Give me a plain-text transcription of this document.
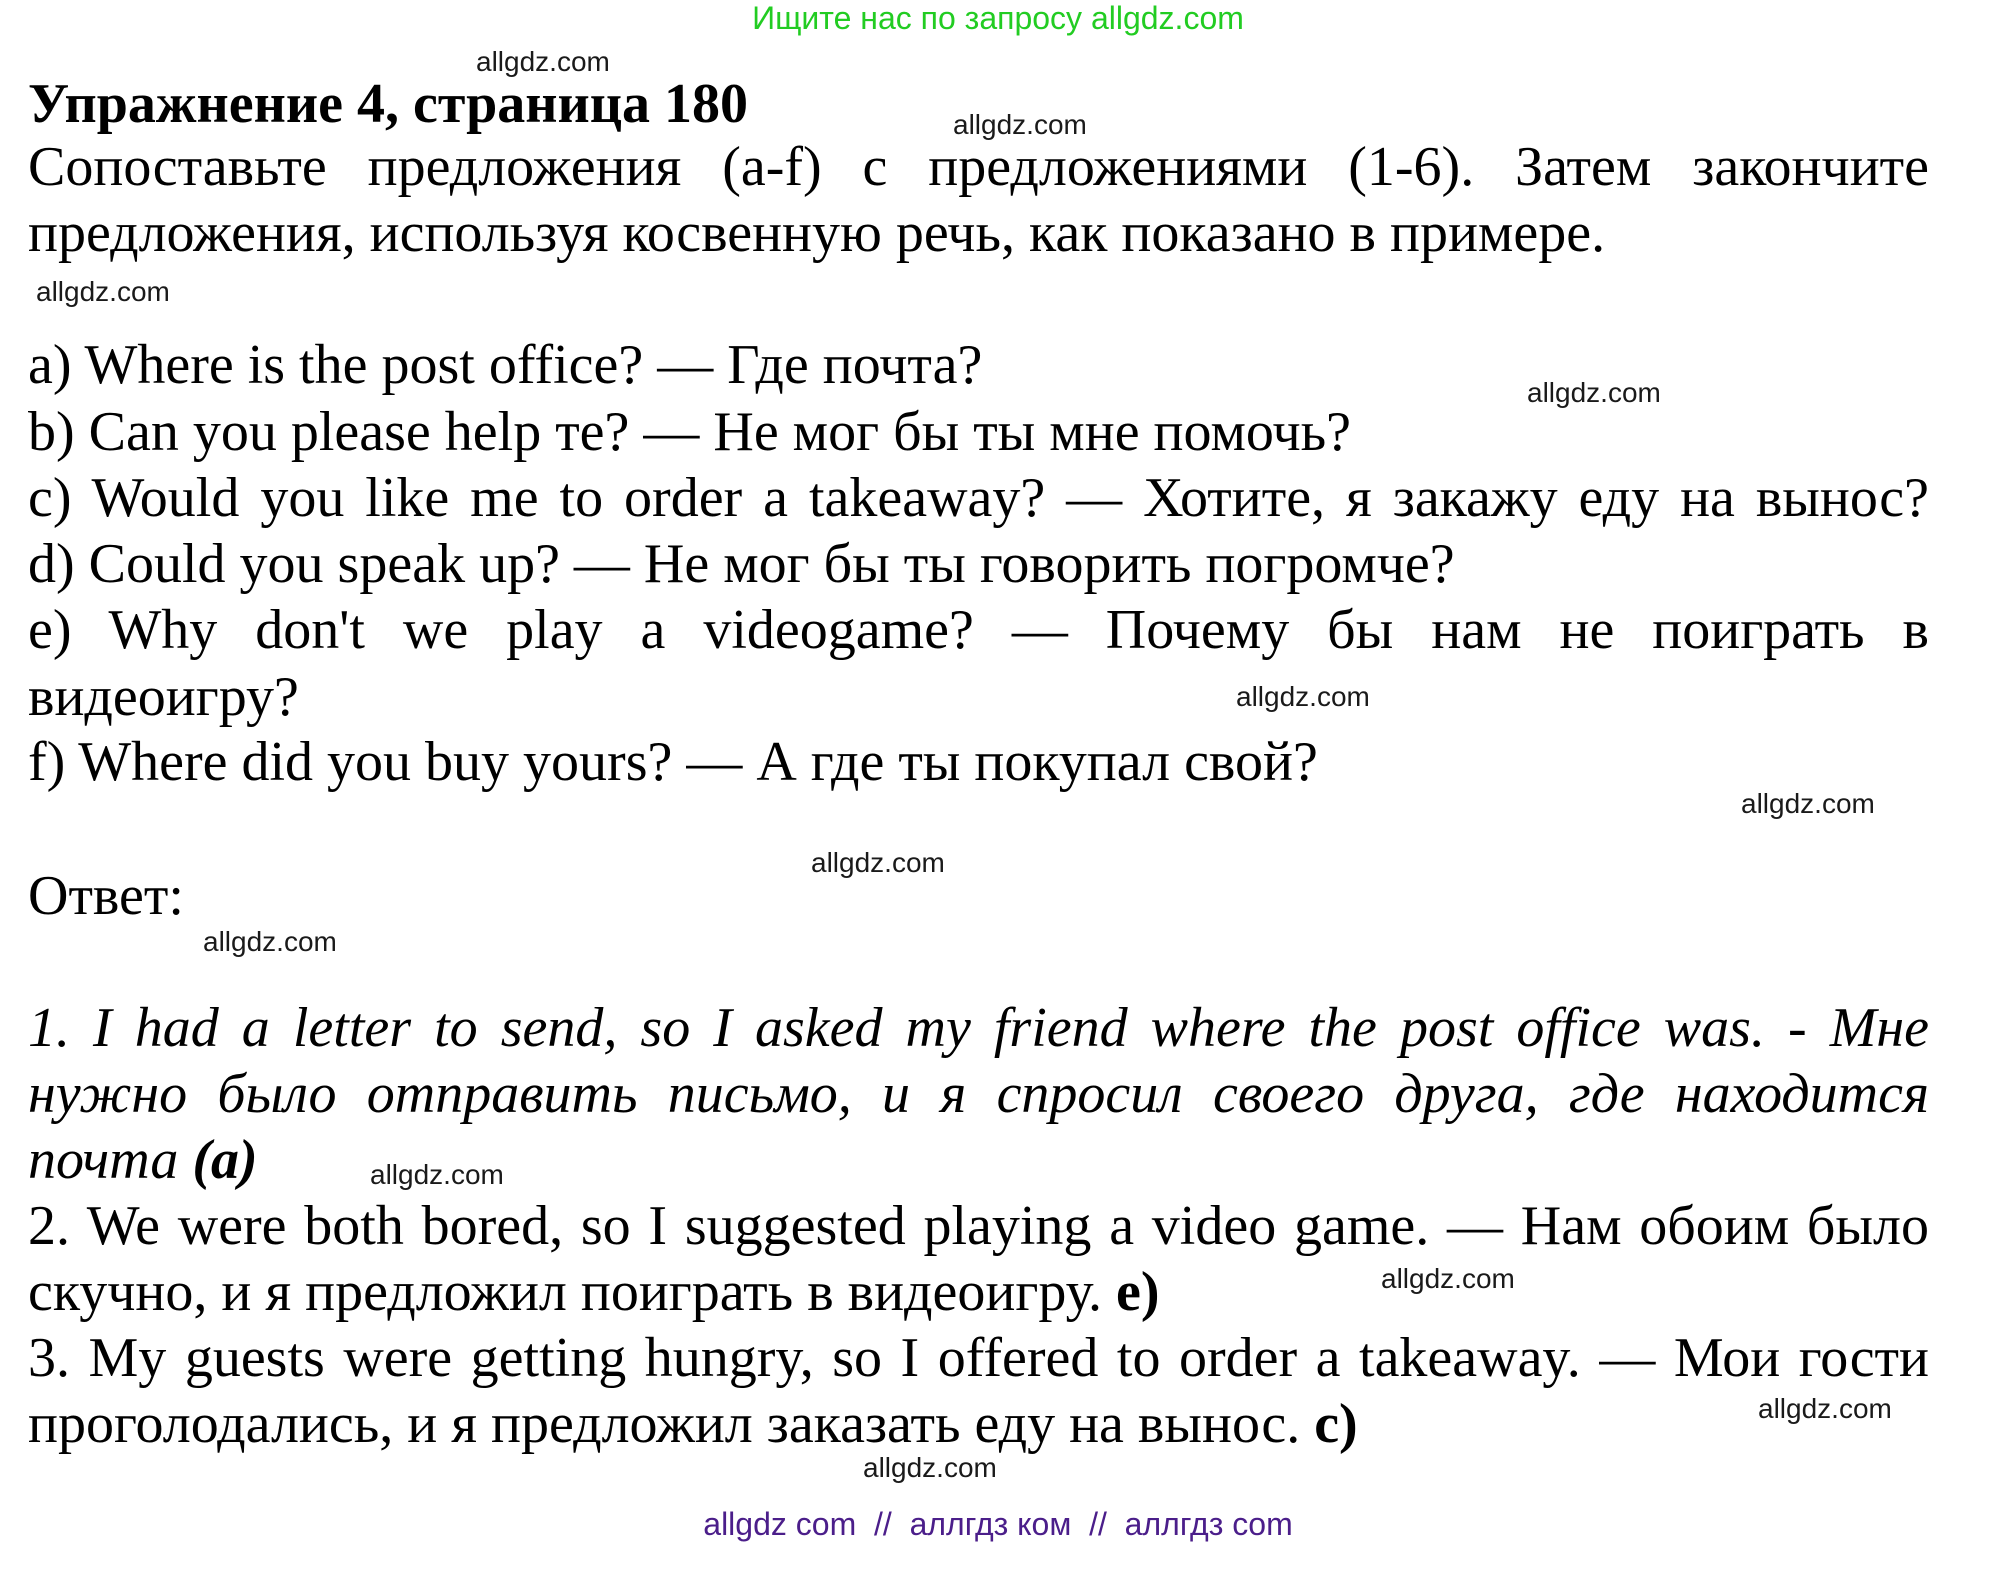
Ищите нас по запросу allgdz.com
allgdz.com
Упражнение 4, страница 180	allgdz.com
Сопоставьте предложения (a-f) с предложениями (1-6). Затем закончите
предложения, используя косвенную речь, как показано в примере.
allgdz.com
a) Where is the post office? — Где почта?	allgdz.com
b) Can you please help те? — Не мог бы ты мне помочь?
c) Would you like me to order a takeaway? — Хотите, я закажу еду на вынос?
d) Could you speak up? — Не мог бы ты говорить погромче?
e) Why don't we play a videogame? — Почему бы нам не поиграть в
видеоигру?	allgdz.com
f) Where did you buy yours? — А где ты покупал свой?
allgdz.com
allgdz.com
Ответ:
allgdz.com
1. I had a letter to send, so I asked my friend where the post office was. - Мне
нужно было отправить письмо, и я спросил своего друга, где находится
почта (a)	allgdz.com
2. We were both bored, so I suggested playing a video game. — Нам обоим было
скучно, и я предложил поиграть в видеоигру. e)	allgdz.com
3. My guests were getting hungry, so I offered to order a takeaway. — Мои гости
проголодались, и я предложил заказать еду на вынос. c)	allgdz.com
allgdz.com
allgdz com  //  аллгдз ком  //  аллгдз com
